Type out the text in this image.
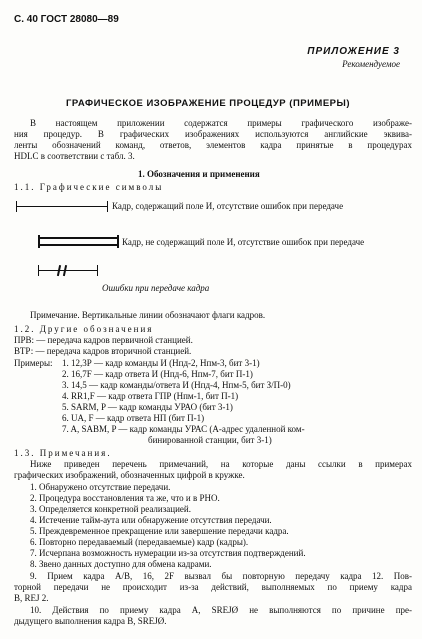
С. 40 ГОСТ 28080—89
ПРИЛОЖЕНИЕ 3
Рекомендуемое
ГРАФИЧЕСКОЕ ИЗОБРАЖЕНИЕ ПРОЦЕДУР (ПРИМЕРЫ)
В настоящем приложении содержатся примеры графического изображе-
ния процедур. В графических изображениях используются английские эквива-
ленты обозначений команд, ответов, элементов кадра принятые в процедурах
HDLC в соответствии с табл. 3.
1. Обозначения и применения
1.1. Графические символы
Кадр, содержащий поле И, отсутствие ошибок при передаче
Кадр, не содержащий поле И, отсутствие ошибок при передаче
Ошибки при передаче кадра
Примечание. Вертикальные линии обозначают флаги кадров.
1.2. Другие обозначения
ПРВ: — передача кадров первичной станцией.
ВТР: — передача кадров вторичной станцией.
Примеры: 1. 12,3Р — кадр команды И (Нпд-2, Нпм-3, бит 3-1)
2. 16,7F — кадр ответа И (Нпд-6, Нпм-7, бит П-1)
3. 14,5 — кадр команды/ответа И (Нпд-4, Нпм-5, бит З/П-0)
4. RR1,F — кадр ответа ГПР (Нпм-1, бит П-1)
5. SARM, P — кадр команды УРАО (бит 3-1)
6. UA, F — кадр ответа НП (бит П-1)
7. A, SABM, P — кадр команды УРАС (А-адрес удаленной ком-
бинированной станции, бит 3-1)
1.3. Примечания.
Ниже приведен перечень примечаний, на которые даны ссылки в примерах
графических изображений, обозначенных цифрой в кружке.
1. Обнаружено отсутствие передачи.
2. Процедура восстановления та же, что и в РНО.
3. Определяется конкретной реализацией.
4. Истечение тайм-аута или обнаружение отсутствия передачи.
5. Преждевременное прекращение или завершение передачи кадра.
6. Повторно передаваемый (передаваемые) кадр (кадры).
7. Исчерпана возможность нумерации из-за отсутствия подтверждений.
8. Звено данных доступно для обмена кадрами.
9. Прием кадра A/B, 16, 2F вызвал бы повторную передачу кадра 12. Пов-
торной передачи не происходит из-за действий, выполняемых по приему кадра
B, REJ 2.
10. Действия по приему кадра А, SREJØ не выполняются по причине пре-
дыдущего выполнения кадра В, SREJØ.
